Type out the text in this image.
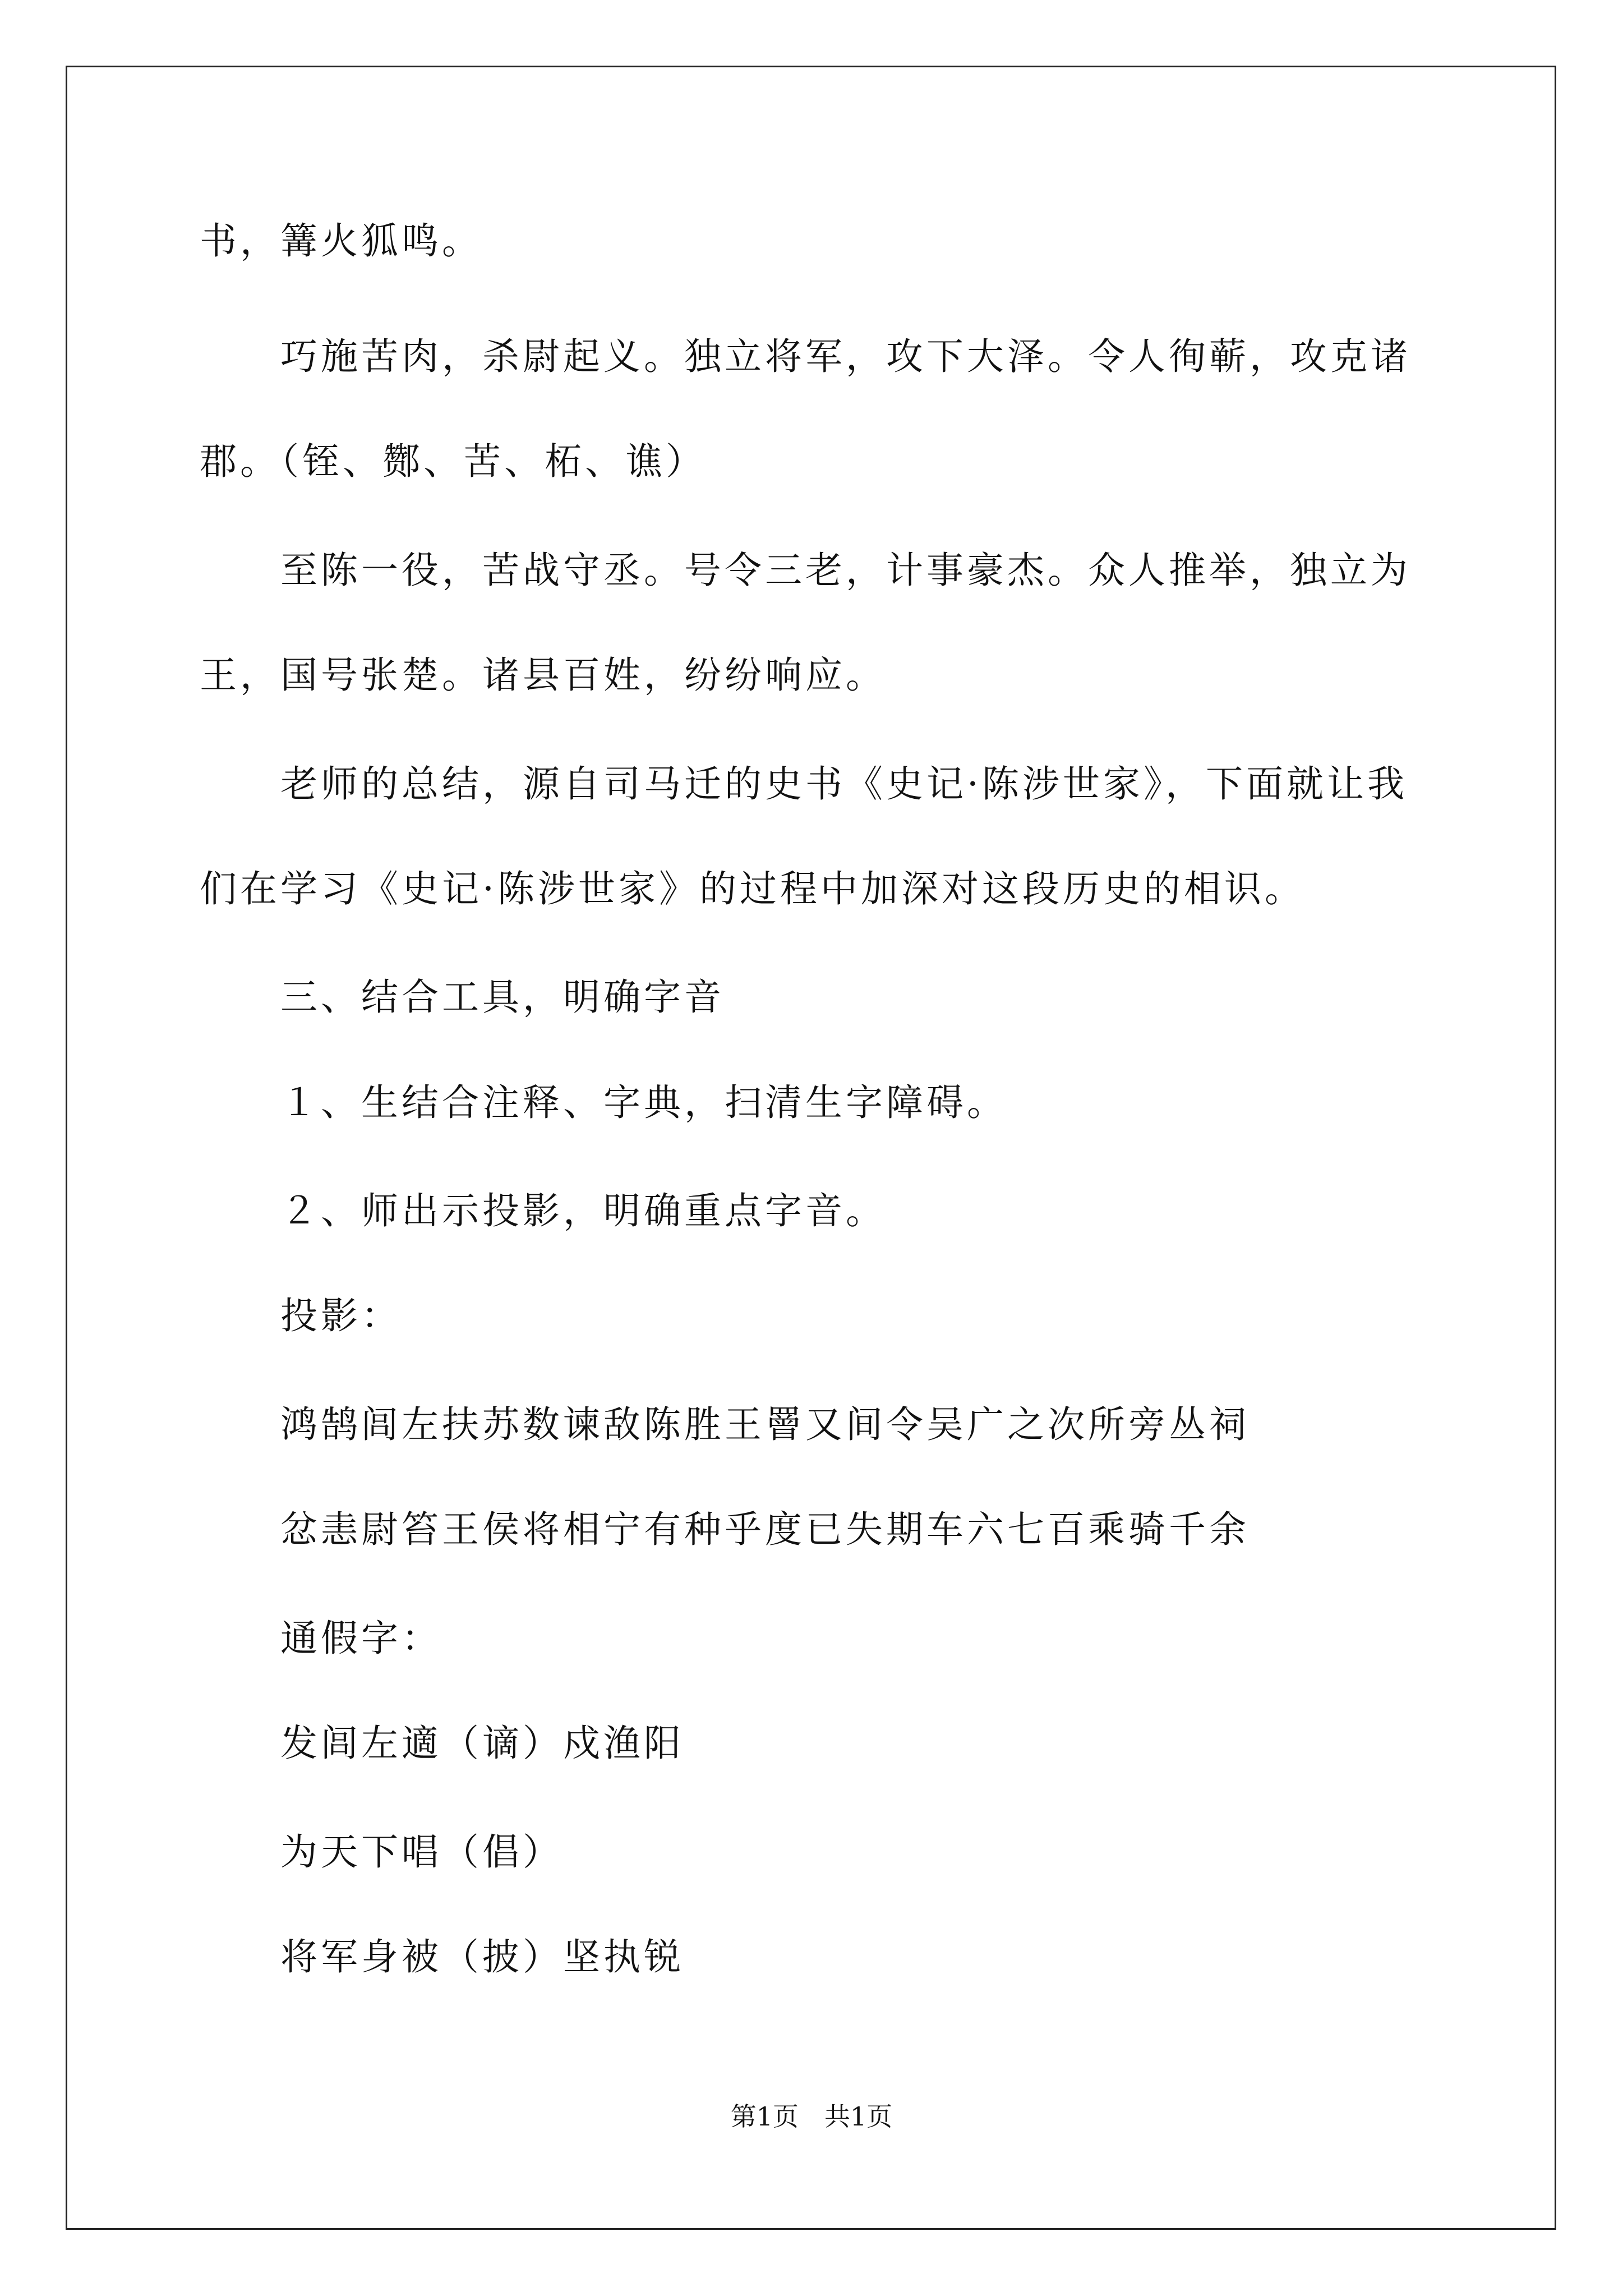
书，篝火狐鸣。
巧施苦肉，杀尉起义。独立将军，攻下大泽。令人徇蕲，攻克诸
郡。（铚、酂、苦、柘、谯）
至陈一役，苦战守丞。号令三老，计事豪杰。众人推举，独立为
王，国号张楚。诸县百姓，纷纷响应。
老师的总结，源自司马迁的史书《史记·陈涉世家》，下面就让我
们在学习《史记·陈涉世家》的过程中加深对这段历史的相识。
三、结合工具，明确字音
１、生结合注释、字典，扫清生字障碍。
２、师出示投影，明确重点字音。
投影：
鸿鹄闾左扶苏数谏敌陈胜王罾又间令吴广之次所旁丛祠
忿恚尉笞王侯将相宁有种乎度已失期车六七百乘骑千余
通假字：
发闾左適（谪）戍渔阳
为天下唱（倡）
将军身被（披）坚执锐
第1页　共1页
